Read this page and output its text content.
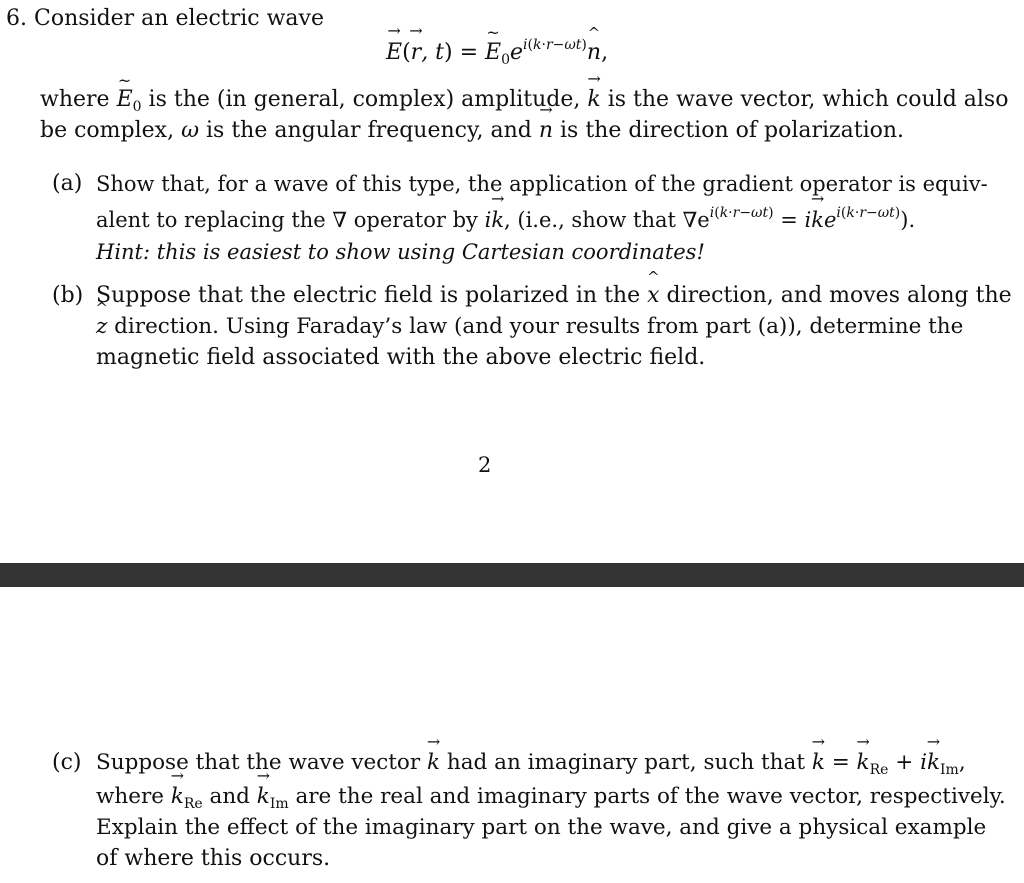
6. Consider an electric wave
→ E(→ r, t) = ~ $E_0e^{i(k\cdot r-\omega t)}\^{}$ n,
where ~ $E_0$ is the (in general, complex) amplitude, → k is the wave vector, which could also
be complex, ω is the angular frequency, and → n is the direction of polarization.
(a) Show that, for a wave of this type, the application of the gradient operator is equiv-
alent to replacing the ∇ operator by i→ k, (i.e., show that $\nabla e^{i(k\cdot r-\omega t)} = i\to ke^{i(k\cdot r-\omega t)}$).
Hint: this is easiest to show using Cartesian coordinates!
(b) Suppose that the electric field is polarized in the ^ x direction, and moves along the
^ z direction. Using Faraday’s law (and your results from part (a)), determine the
magnetic field associated with the above electric field.
2
(c) Suppose that the wave vector → k had an imaginary part, such that → k = → $k_{Re} + i\to k_{Im}$,
where → $k_{Re}$ and → $k_{Im}$ are the real and imaginary parts of the wave vector, respectively.
Explain the effect of the imaginary part on the wave, and give a physical example
of where this occurs.
